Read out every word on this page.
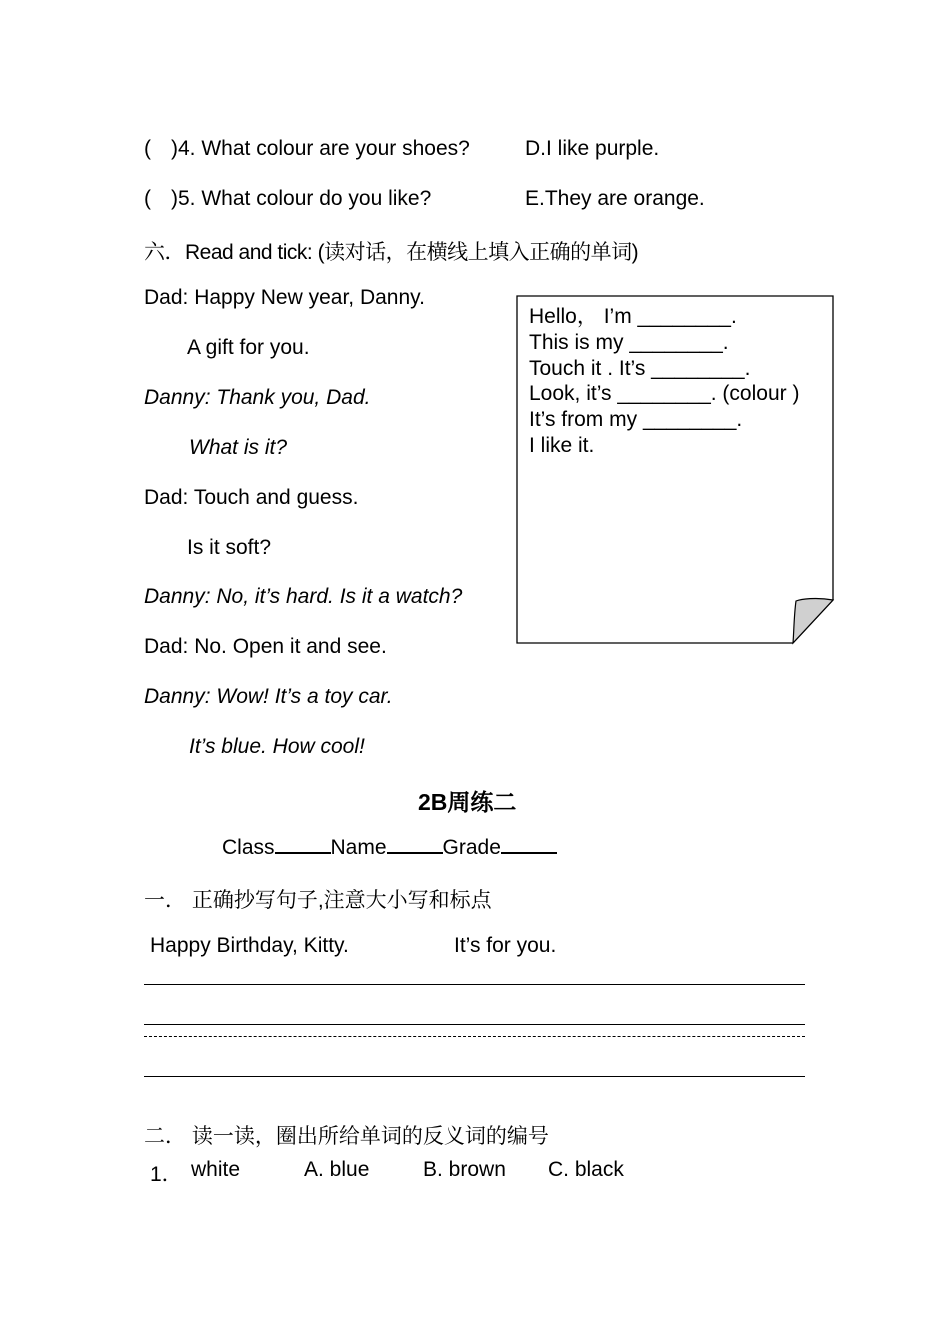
( )4. What colour are your shoes?	D.I like purple.
( )5. What colour do you like?	E.They are orange.
六．Read and tick: (读对话，在横线上填入正确的单词)
Dad: Happy New year, Danny.
A gift for you.
Danny: Thank you, Dad.
What is it?
Dad: Touch and guess.
Is it soft?
Danny: No, it’s hard. Is it a watch?
Dad: No. Open it and see.
Danny: Wow! It’s a toy car.
It’s blue. How cool!
Hello， I’m ________.
This is my ________.
Touch it . It’s ________.
Look, it’s ________. (colour )
It’s from my ________.
I like it.
2B周练二
Class	Name	Grade
一． 正确抄写句子,注意大小写和标点
Happy Birthday, Kitty.	It’s for you.
二． 读一读，圈出所给单词的反义词的编号
1． white	A. blue	B. brown C. black
